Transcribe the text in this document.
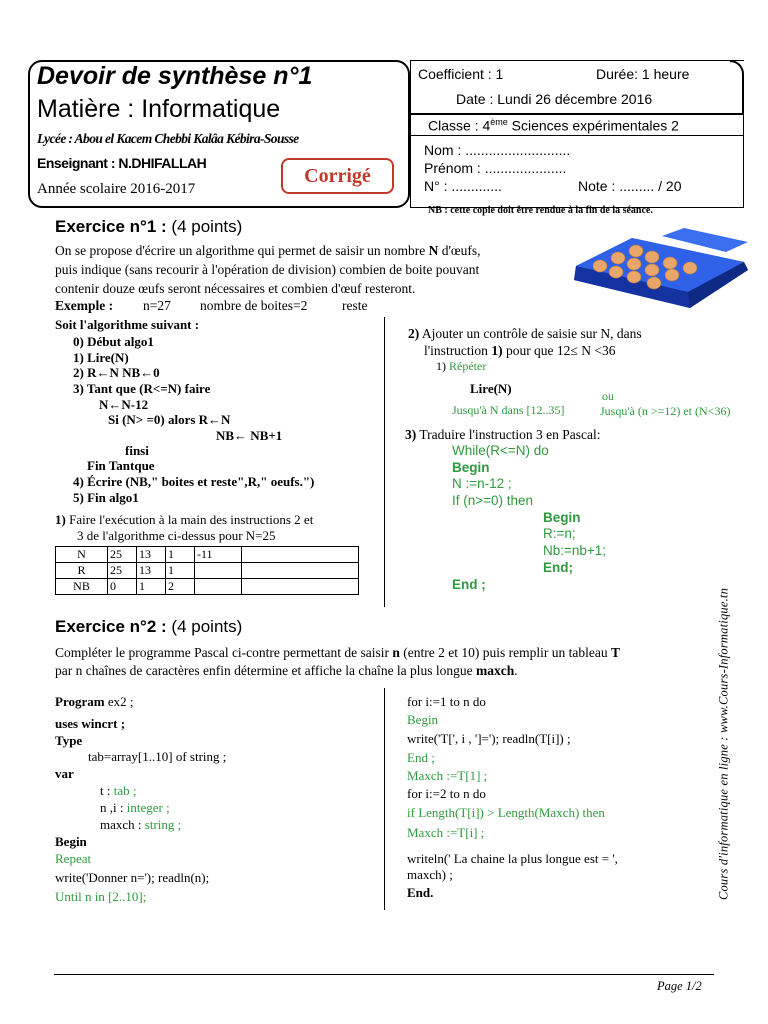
Devoir de synthèse n°1
Matière : Informatique
Lycée : Abou el Kacem Chebbi Kalâa Kébira-Sousse
Enseignant : N.DHIFALLAH
Année scolaire 2016-2017
Corrigé
Coefficient : 1	Durée: 1 heure
Date : Lundi 26 décembre 2016
Classe : 4ème Sciences expérimentales 2
Nom : ...........................
Prénom : .....................
N° : .............	Note : ......... / 20
NB : cette copie doit être rendue à la fin de la séance.
Exercice n°1 : (4 points)
On se propose d'écrire un algorithme qui permet de saisir un nombre N d'œufs,
puis indique (sans recourir à l'opération de division) combien de boite pouvant
contenir douze œufs seront nécessaires et combien d'œuf resteront.
Exemple : n=27 nombre de boites=2	reste
Soit l'algorithme suivant :
0) Début algo1
1) Lire(N)
2) R←N NB←0
3) Tant que (R<=N) faire
N←N-12
Si (N> =0) alors R←N
NB← NB+1
finsi
Fin Tantque
4) Écrire (NB," boites et reste",R," oeufs.")
5) Fin algo1
1) Faire l'exécution à la main des instructions 2 et
3 de l'algorithme ci-dessus pour N=25
N	25	13	1	-11	
R	25	13	1		
NB	0	1	2		
2) Ajouter un contrôle de saisie sur N, dans
l'instruction 1) pour que 12≤ N <36
1) Répéter
Lire(N)	ou
Jusqu'à N dans [12..35]	Jusqu'à (n >=12) et (N<36)
3) Traduire l'instruction 3 en Pascal:
While(R<=N) do
Begin
N :=n-12 ;
If (n>=0) then
Begin
R:=n;
Nb:=nb+1;
End;
End ;
Exercice n°2 : (4 points)
Compléter le programme Pascal ci-contre permettant de saisir n (entre 2 et 10) puis remplir un tableau T
par n chaînes de caractères enfin détermine et affiche la chaîne la plus longue maxch.
Program ex2 ;
uses wincrt ;
Type
tab=array[1..10] of string ;
var
t : tab ;
n ,i : integer ;
maxch : string ;
Begin
Repeat
write('Donner n='); readln(n);
Until n in [2..10];
for i:=1 to n do
Begin
write('T[', i , ']='); readln(T[i]) ;
End ;
Maxch :=T[1] ;
for i:=2 to n do
if Length(T[i]) > Length(Maxch) then
Maxch :=T[i] ;
writeln(' La chaine la plus longue est = ',
maxch) ;
End.	Cours d'informatique en ligne : www.Cours-Informatique.tn
Page 1/2
